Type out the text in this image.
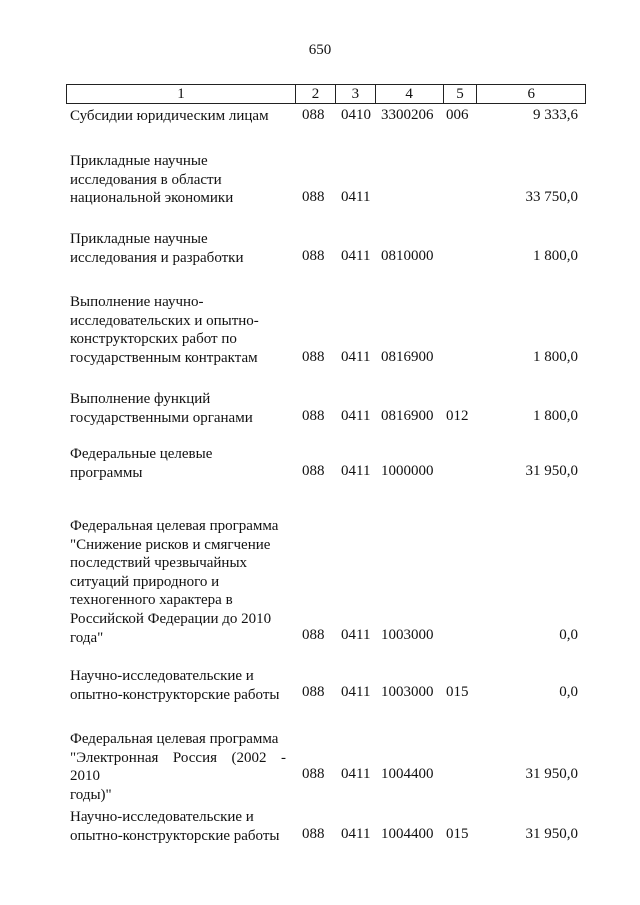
650
1	2	3	4	5	6
Субсидии юридическим лицам	088 0410 3300206 006	9 333,6
Прикладные научные
исследования в области
национальной экономики	088 0411	33 750,0
Прикладные научные
исследования и разработки	088 0411 0810000	1 800,0
Выполнение научно-
исследовательских и опытно-
конструкторских работ по
государственным контрактам	088 0411 0816900	1 800,0
Выполнение функций
государственными органами	088 0411 0816900 012	1 800,0
Федеральные целевые
программы	088 0411 1000000	31 950,0
Федеральная целевая программа
"Снижение рисков и смягчение
последствий чрезвычайных
ситуаций природного и
техногенного характера в
Российской Федерации до 2010
года"	088 0411 1003000	0,0
Научно-исследовательские и
опытно-конструкторские работы	088 0411 1003000 015	0,0
Федеральная целевая программа
"Электронная Россия (2002 - 2010
годы)"
088 0411 1004400	31 950,0
Научно-исследовательские и
опытно-конструкторские работы	088 0411 1004400 015	31 950,0
